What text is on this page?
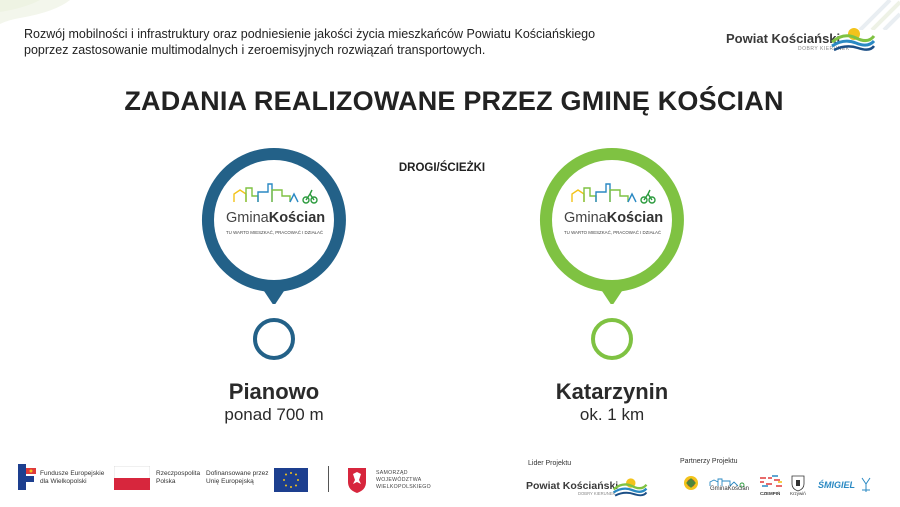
Rozwój mobilności i infrastruktury oraz podniesienie jakości życia mieszkańców Powiatu Kościańskiego
poprzez zastosowanie multimodalnych i zeroemisyjnych rozwiązań transportowych.
Powiat Kościański
DOBRY KIERUNEK
ZADANIA REALIZOWANE PRZEZ GMINĘ KOŚCIAN
DROGI/ŚCIEŻKI
GminaKościan
TU WARTO MIESZKAĆ, PRACOWAĆ I DZIAŁAĆ
GminaKościan
TU WARTO MIESZKAĆ, PRACOWAĆ I DZIAŁAĆ
Pianowo
ponad 700 m
Katarzynin
ok. 1 km
Fundusze Europejskie
dla Wielkopolski
Rzeczpospolita
Polska
Dofinansowane przez
Unię Europejską
SAMORZĄD
WOJEWÓDZTWA
WIELKOPOLSKIEGO
Lider Projektu
Powiat Kościański
DOBRY KIERUNEK
Partnerzy Projektu
GminaKościan
CZEMPIŃ Krzywiń
ŚMIGIEL
